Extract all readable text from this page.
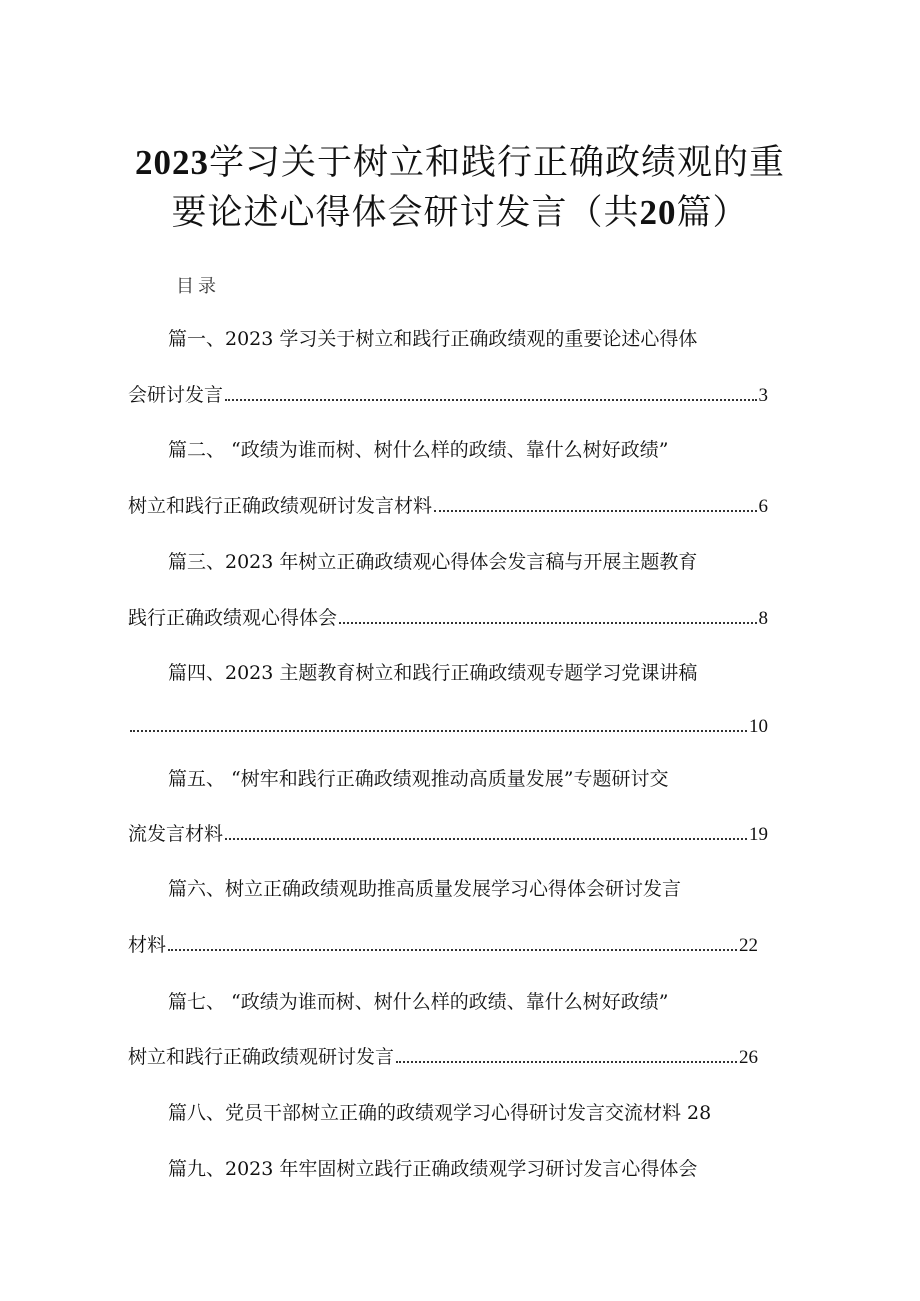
2023学习关于树立和践行正确政绩观的重
要论述心得体会研讨发言（共20篇）
目录
篇一、2023 学习关于树立和践行正确政绩观的重要论述心得体
会研讨发言	3
篇二、 “政绩为谁而树、树什么样的政绩、靠什么树好政绩”
树立和践行正确政绩观研讨发言材料	6
篇三、2023 年树立正确政绩观心得体会发言稿与开展主题教育
践行正确政绩观心得体会	8
篇四、2023 主题教育树立和践行正确政绩观专题学习党课讲稿
10
篇五、 “树牢和践行正确政绩观推动高质量发展”专题研讨交
流发言材料	19
篇六、树立正确政绩观助推高质量发展学习心得体会研讨发言
材料	22
篇七、 “政绩为谁而树、树什么样的政绩、靠什么树好政绩”
树立和践行正确政绩观研讨发言	26
篇八、党员干部树立正确的政绩观学习心得研讨发言交流材料 28
篇九、2023 年牢固树立践行正确政绩观学习研讨发言心得体会
